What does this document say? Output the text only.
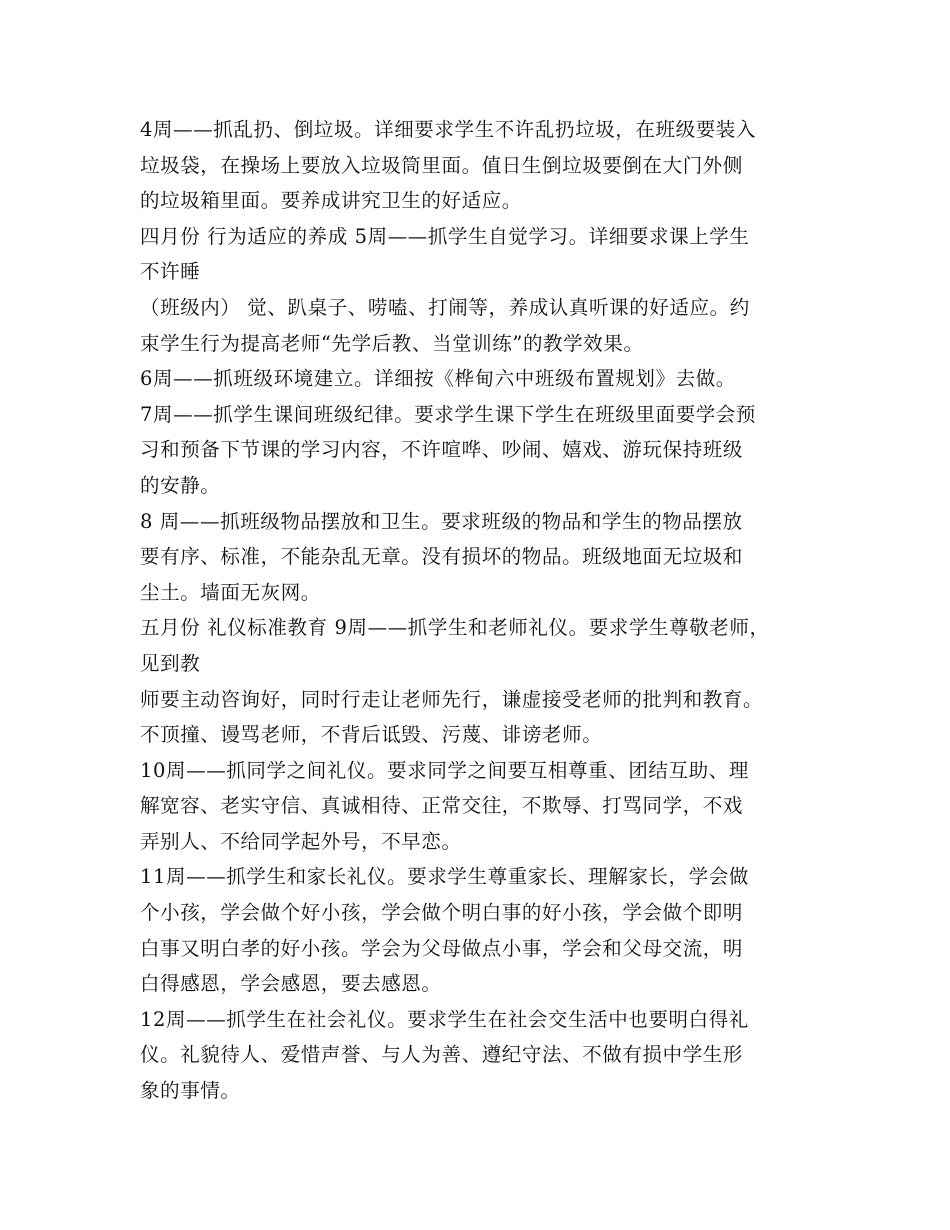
4周——抓乱扔、倒垃圾。详细要求学生不许乱扔垃圾，在班级要装入
垃圾袋，在操场上要放入垃圾筒里面。值日生倒垃圾要倒在大门外侧
的垃圾箱里面。要养成讲究卫生的好适应。
四月份 行为适应的养成 5周——抓学生自觉学习。详细要求课上学生
不许睡
（班级内） 觉、趴桌子、唠嗑、打闹等，养成认真听课的好适应。约
束学生行为提高老师“先学后教、当堂训练”的教学效果。
6周——抓班级环境建立。详细按《桦甸六中班级布置规划》去做。
7周——抓学生课间班级纪律。要求学生课下学生在班级里面要学会预
习和预备下节课的学习内容，不许喧哗、吵闹、嬉戏、游玩保持班级
的安静。
8 周——抓班级物品摆放和卫生。要求班级的物品和学生的物品摆放
要有序、标准，不能杂乱无章。没有损坏的物品。班级地面无垃圾和
尘土。墙面无灰网。
五月份 礼仪标准教育 9周——抓学生和老师礼仪。要求学生尊敬老师，
见到教
师要主动咨询好，同时行走让老师先行，谦虚接受老师的批判和教育。
不顶撞、谩骂老师，不背后诋毁、污蔑、诽谤老师。
10周——抓同学之间礼仪。要求同学之间要互相尊重、团结互助、理
解宽容、老实守信、真诚相待、正常交往，不欺辱、打骂同学，不戏
弄别人、不给同学起外号，不早恋。
11周——抓学生和家长礼仪。要求学生尊重家长、理解家长，学会做
个小孩，学会做个好小孩，学会做个明白事的好小孩，学会做个即明
白事又明白孝的好小孩。学会为父母做点小事，学会和父母交流，明
白得感恩，学会感恩，要去感恩。
12周——抓学生在社会礼仪。要求学生在社会交生活中也要明白得礼
仪。礼貌待人、爱惜声誉、与人为善、遵纪守法、不做有损中学生形
象的事情。
